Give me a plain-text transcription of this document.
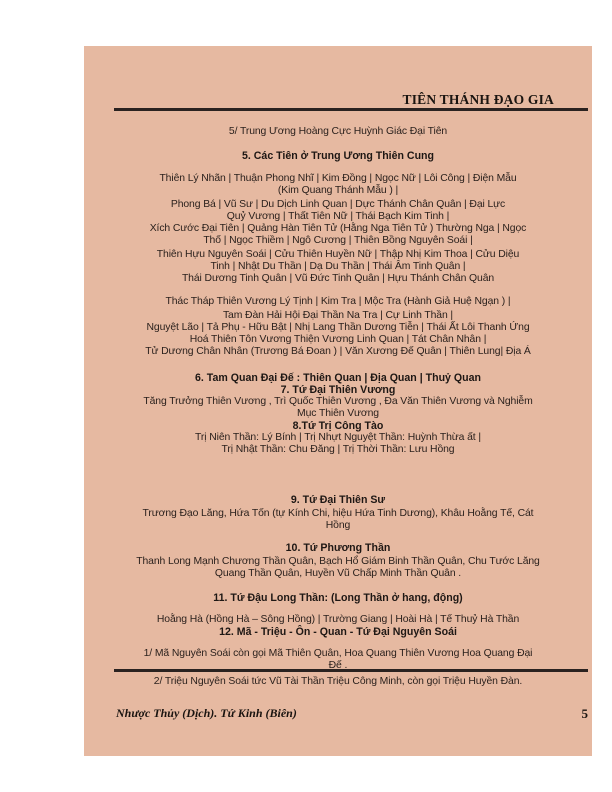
TIÊN THÁNH ĐẠO GIA
5/ Trung Ương Hoàng Cực Huỳnh Giác Đại Tiên
5. Các Tiên ở Trung Ương Thiên Cung
Thiên Lý Nhãn | Thuận Phong Nhĩ | Kim Đồng | Ngọc Nữ | Lôi Công | Điện Mẫu
(Kim Quang Thánh Mẫu ) |
Phong Bá | Vũ Sư | Du Dịch Linh Quan | Dực Thánh Chân Quân | Đại Lực
Quỷ Vương | Thất Tiên Nữ | Thái Bạch Kim Tinh |
Xích Cước Đại Tiên | Quảng Hàn Tiên Tử (Hằng Nga Tiên Tử ) Thường Nga | Ngọc
Thố | Ngọc Thiềm | Ngô Cương | Thiên Bồng Nguyên Soái |
Thiên Hựu Nguyên Soái | Cửu Thiên Huyền Nữ | Thập Nhị Kim Thoa | Cửu Diệu
Tinh | Nhật Du Thần | Dạ Du Thần | Thái Âm Tinh Quân |
Thái Dương Tinh Quân | Vũ Đức Tinh Quân | Hựu Thánh Chân Quân
Thác Tháp Thiên Vương Lý Tịnh | Kim Tra | Mộc Tra (Hành Giả Huệ Ngạn ) |
Tam Đàn Hải Hội Đại Thần Na Tra | Cự Linh Thần |
Nguyệt Lão | Tả Phụ - Hữu Bật | Nhị Lang Thần Dương Tiễn | Thái Ất Lôi Thanh Ứng
Hoá Thiên Tôn Vương Thiện Vương Linh Quan | Tát Chân Nhân |
Tử Dương Chân Nhân (Trương Bá Đoan ) | Văn Xương Đế Quân | Thiên Lung| Địa Á
6. Tam Quan Đại Đế : Thiên Quan | Địa Quan | Thuỷ Quan
7. Tứ Đại Thiên Vương
Tăng Trưởng Thiên Vương , Trì Quốc Thiên Vương , Đa Văn Thiên Vương và Nghiễm
Mục Thiên Vương
8.Tứ Trị Công Tào
Trị Niên Thần: Lý Bính | Trị Nhựt Nguyệt Thần: Huỳnh Thừa ất |
Trị Nhật Thần: Chu Đăng | Trị Thời Thần: Lưu Hồng
9. Tứ Đại Thiên Sư
Trương Đạo Lăng, Hứa Tốn (tự Kính Chi, hiệu Hứa Tinh Dương), Khâu Hoằng Tế, Cát
Hồng
10. Tứ Phương Thần
Thanh Long Mạnh Chương Thần Quân, Bạch Hổ Giám Binh Thần Quân, Chu Tước Lăng
Quang Thần Quân, Huyền Vũ Chấp Minh Thần Quân .
11. Tứ Đậu Long Thần: (Long Thần ở hang, động)
Hoằng Hà (Hồng Hà – Sông Hồng) | Trường Giang | Hoài Hà | Tế Thuỷ Hà Thần
12. Mã - Triệu - Ôn - Quan - Tứ Đại Nguyên Soái
1/ Mã Nguyên Soái còn gọi Mã Thiên Quân, Hoa Quang Thiên Vương Hoa Quang Đại
Đế .
2/ Triệu Nguyên Soái tức Vũ Tài Thần Triệu Công Minh, còn gọi Triệu Huyền Đàn.
Nhược Thủy (Dịch). Tứ Kinh (Biên)	5
